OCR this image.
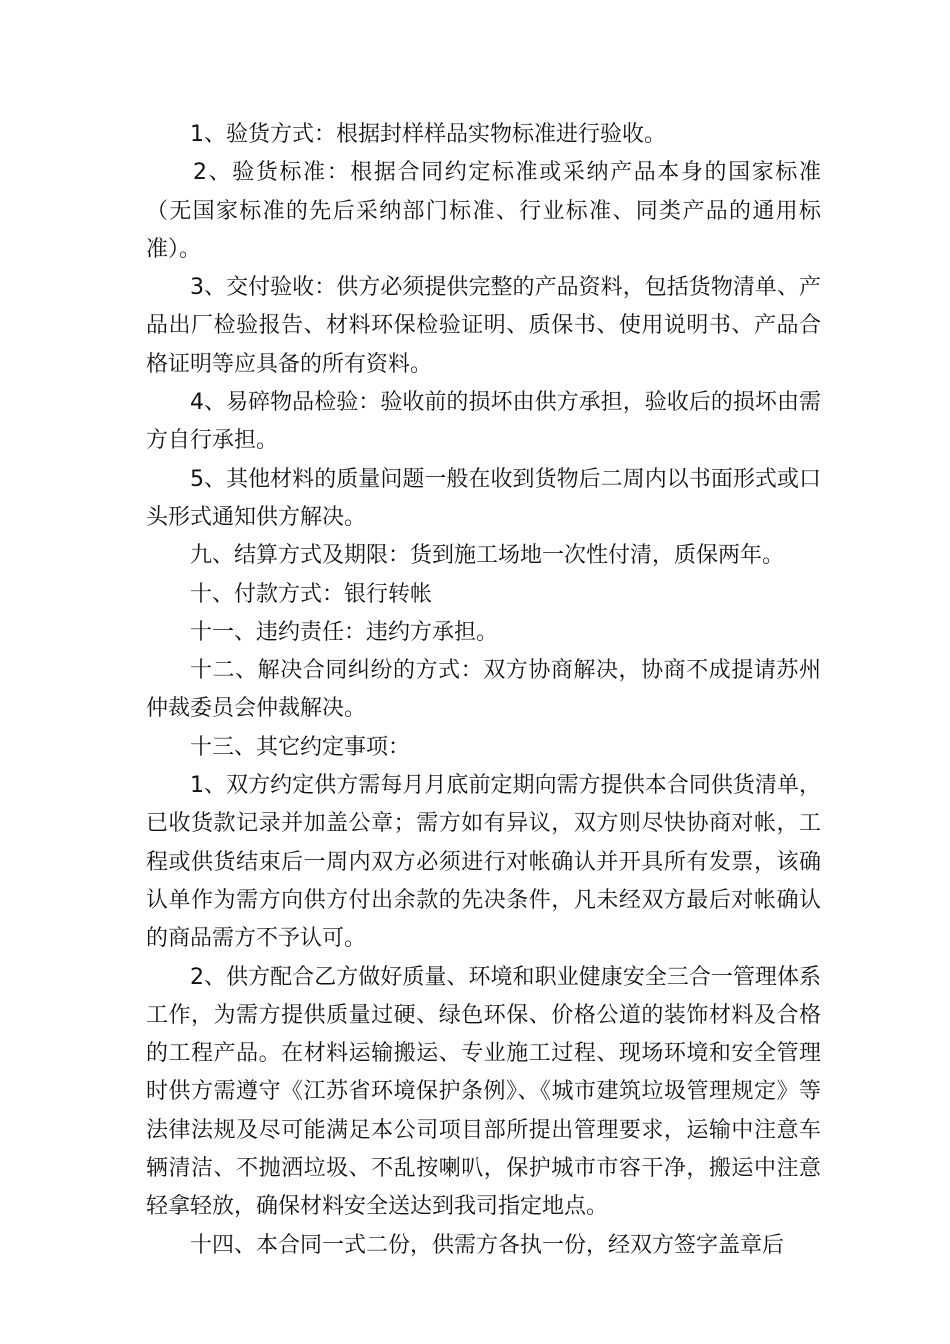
1、验货方式：根据封样样品实物标准进行验收。

2、验货标准：根据合同约定标准或采纳产品本身的国家标准（无国家标准的先后采纳部门标准、行业标准、同类产品的通用标准）。

3、交付验收：供方必须提供完整的产品资料，包括货物清单、产品出厂检验报告、材料环保检验证明、质保书、使用说明书、产品合格证明等应具备的所有资料。

4、易碎物品检验：验收前的损坏由供方承担，验收后的损坏由需方自行承担。

5、其他材料的质量问题一般在收到货物后二周内以书面形式或口头形式通知供方解决。

九、结算方式及期限：货到施工场地一次性付清，质保两年。

十、付款方式：银行转帐

十一、违约责任：违约方承担。

十二、解决合同纠纷的方式：双方协商解决，协商不成提请苏州仲裁委员会仲裁解决。

十三、其它约定事项：

1、双方约定供方需每月月底前定期向需方提供本合同供货清单，已收货款记录并加盖公章；需方如有异议，双方则尽快协商对帐，工程或供货结束后一周内双方必须进行对帐确认并开具所有发票，该确认单作为需方向供方付出余款的先决条件，凡未经双方最后对帐确认的商品需方不予认可。

2、供方配合乙方做好质量、环境和职业健康安全三合一管理体系工作，为需方提供质量过硬、绿色环保、价格公道的装饰材料及合格的工程产品。在材料运输搬运、专业施工过程、现场环境和安全管理时供方需遵守《江苏省环境保护条例》、《城市建筑垃圾管理规定》等法律法规及尽可能满足本公司项目部所提出管理要求，运输中注意车辆清洁、不抛洒垃圾、不乱按喇叭，保护城市市容干净，搬运中注意轻拿轻放，确保材料安全送达到我司指定地点。

十四、本合同一式二份，供需方各执一份，经双方签字盖章后
